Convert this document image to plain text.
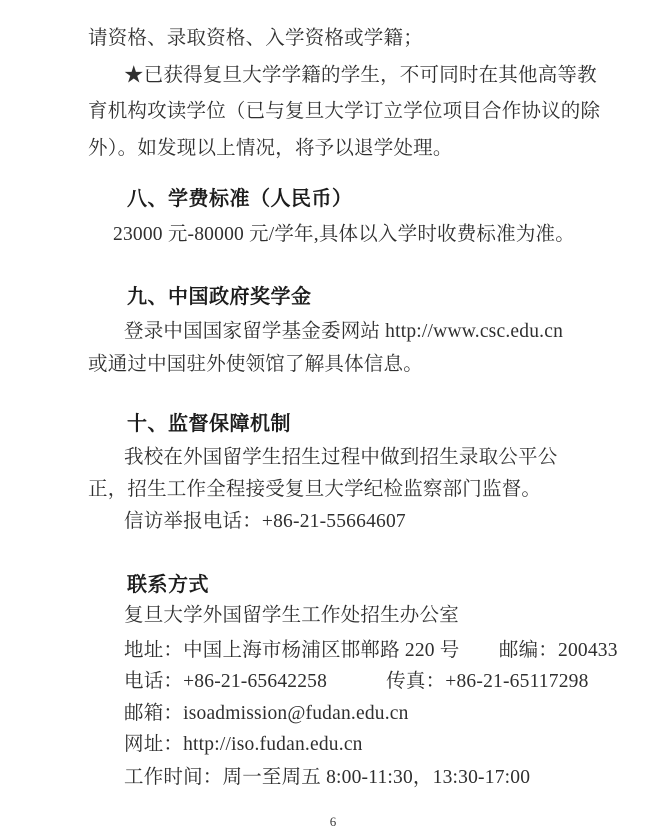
请资格、录取资格、入学资格或学籍；
★已获得复旦大学学籍的学生，不可同时在其他高等教
育机构攻读学位（已与复旦大学订立学位项目合作协议的除
外）。如发现以上情况，将予以退学处理。
八、学费标准（人民币）
23000 元-80000 元/学年,具体以入学时收费标准为准。
九、中国政府奖学金
登录中国国家留学基金委网站 http://www.csc.edu.cn
或通过中国驻外使领馆了解具体信息。
十、监督保障机制
我校在外国留学生招生过程中做到招生录取公平公
正，招生工作全程接受复旦大学纪检监察部门监督。
信访举报电话：+86-21-55664607
联系方式
复旦大学外国留学生工作处招生办公室
地址：中国上海市杨浦区邯郸路 220 号　　邮编：200433
电话：+86-21-65642258　　　传真：+86-21-65117298
邮箱：isoadmission@fudan.edu.cn
网址：http://iso.fudan.edu.cn
工作时间：周一至周五 8:00-11:30，13:30-17:00
6
